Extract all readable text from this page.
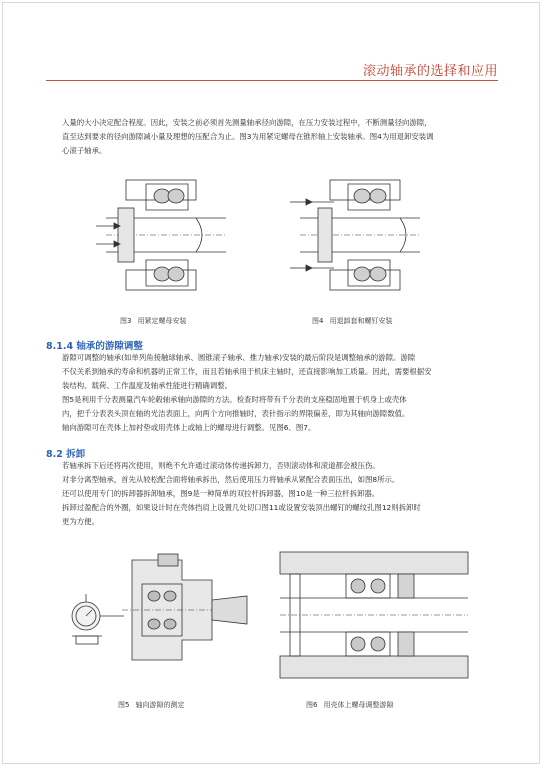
滚动轴承的选择和应用

入量的大小决定配合程度。因此，安装之前必须首先测量轴承径向游隙，在压力安装过程中，不断测量径向游隙，

直至达到要求的径向游隙减小量及理想的压配合为止。图3为用紧定螺母在锥形轴上安装轴承。图4为用退卸安装调

心滚子轴承。

图3 用紧定螺母安装	图4 用退卸套和螺钉安装
8.1.4 轴承的游隙调整

游隙可调整的轴承(如单列角接触球轴承、圆锥滚子轴承、推力轴承)安装的最后阶段是调整轴承的游隙。游隙

不仅关系到轴承的寿命和机器的正常工作，而且若轴承用于机床主轴时，还直接影响加工质量。因此，需要根据安

装结构、载荷、工作温度及轴承性能进行精确调整。

图5是利用千分表测量汽车轮毂轴承轴向游隙的方法。检查时将带有千分表的支座稳固地置于机身上或壳体

内，把千分表表头顶在轴的光洁表面上，向两个方向推轴时，表针指示的界限偏差，即为其轴向游隙数值。

轴向游隙可在壳体上加衬垫或用壳体上或轴上的螺母进行调整。见图6、图7。

8.2 拆卸

若轴承拆下后还将再次使用，则绝不允许通过滚动体传递拆卸力，否则滚动体和滚道都会被压伤。

对非分离型轴承，首先从较松配合面将轴承拆出，然后使用压力将轴承从紧配合表面压出，如图8所示。

还可以使用专门的拆卸器拆卸轴承，图9是一种简单的双拉杆拆卸器，图10是一种三拉杆拆卸器。

拆卸过盈配合的外圈，如果设计时在壳体挡肩上设置几处切口图11或设置安装顶出螺钉的螺纹孔图12则拆卸时

更为方便。

图5 轴向游隙的测定	图6 用壳体上螺母调整游隙
